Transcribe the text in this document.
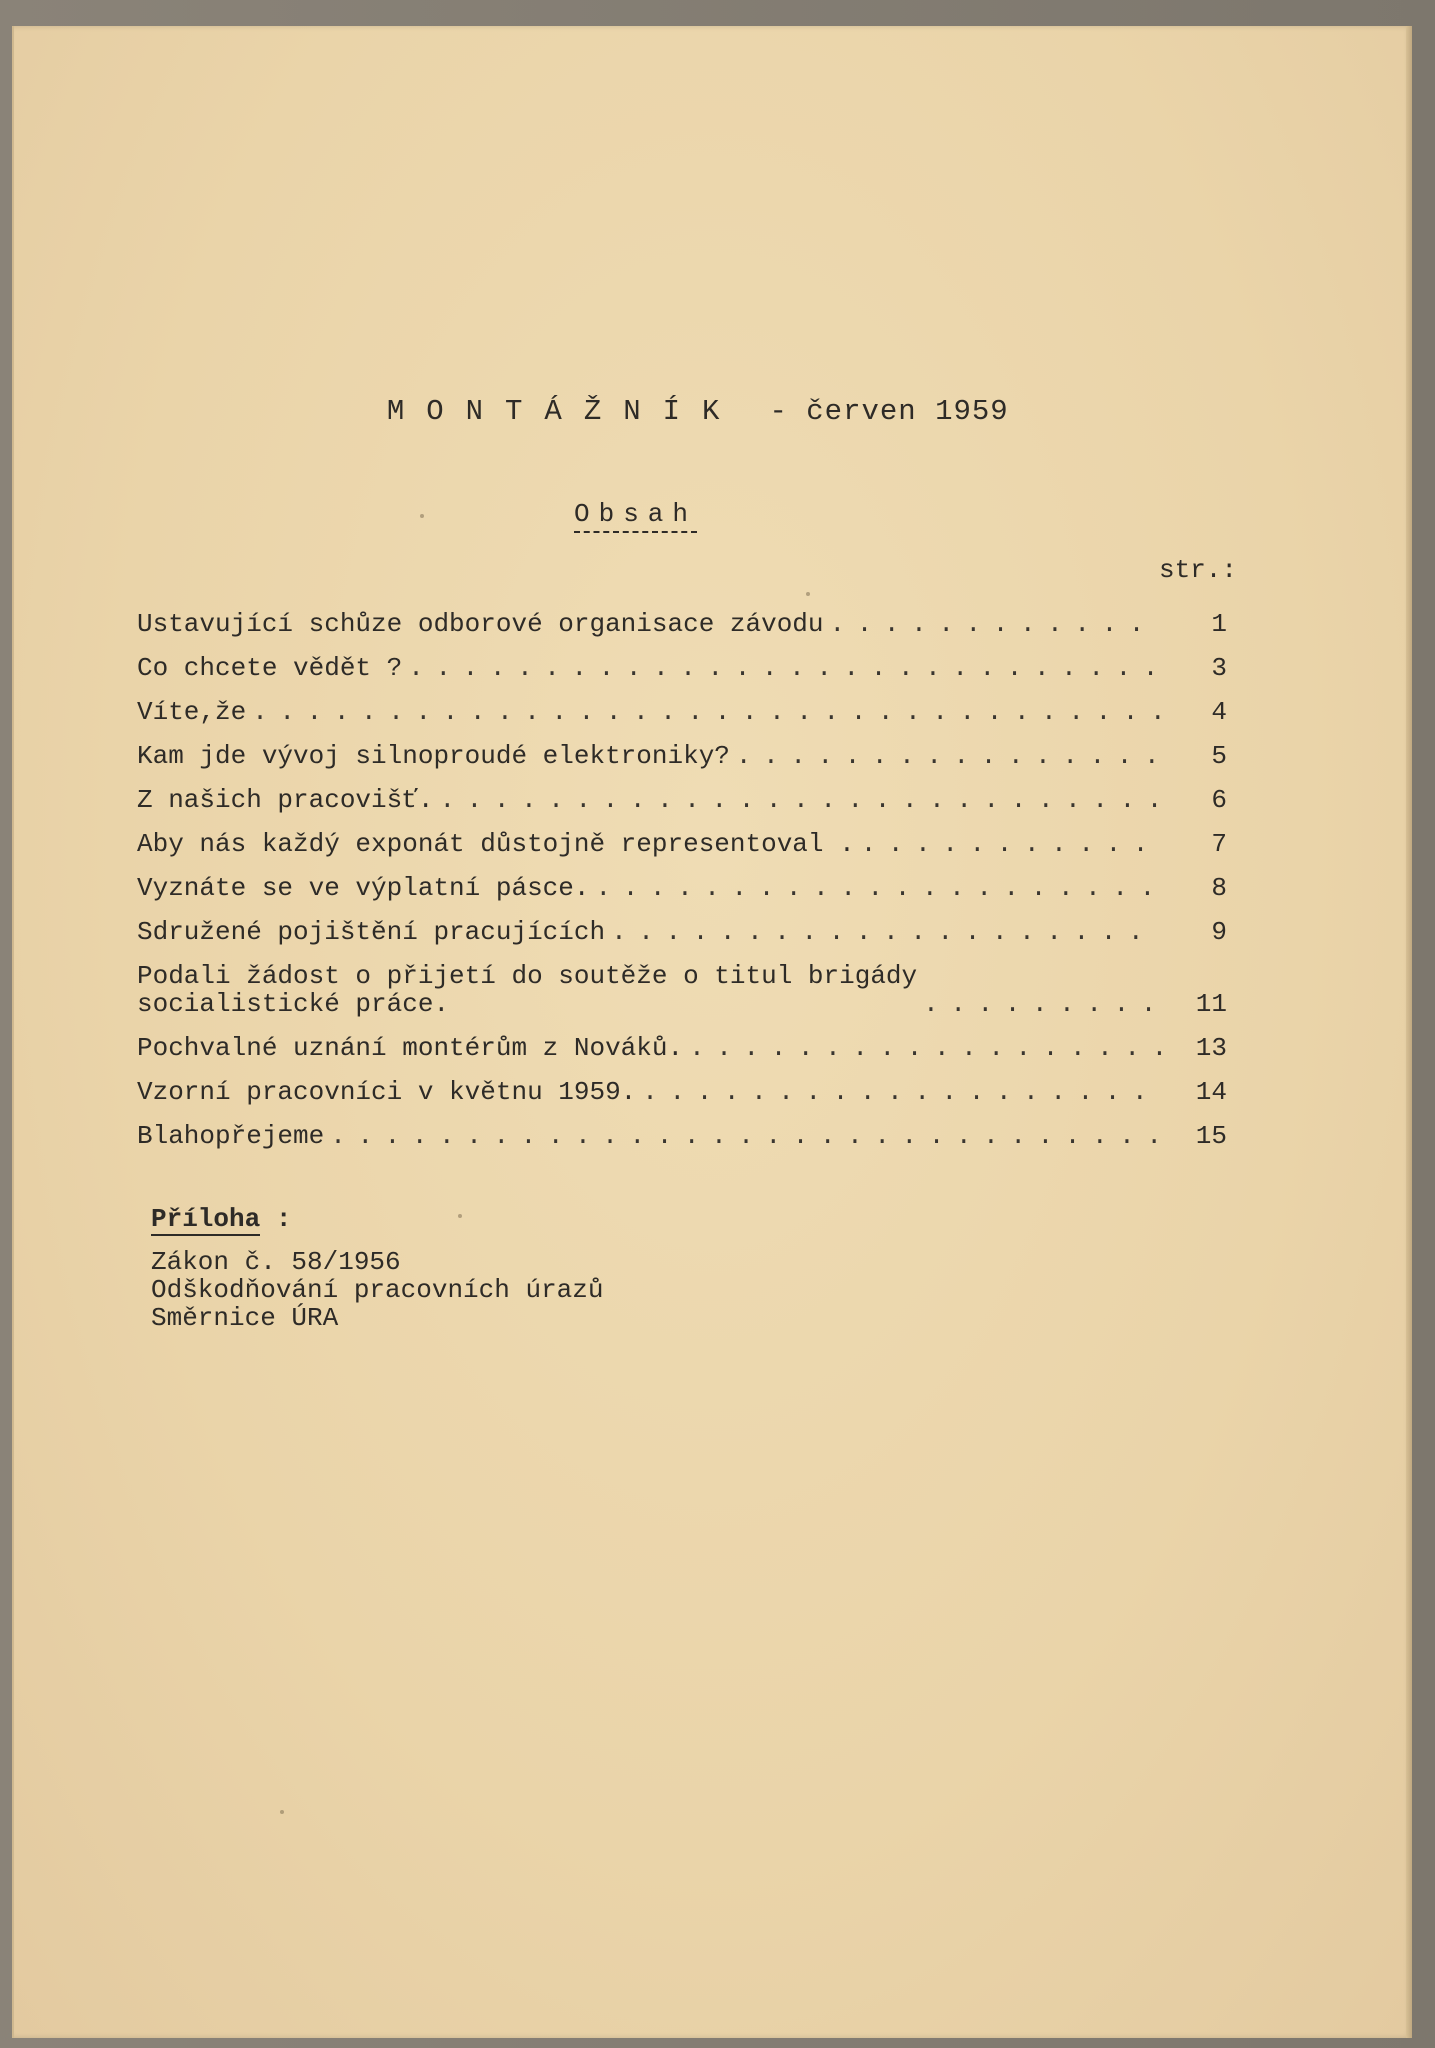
MONTÁŽNÍK - červen 1959

Obsah
str.:
Ustavující schůze odborové organisace závodu . . .	1
Co chcete vědět ? . . .	3
Víte,že . . .	4
Kam jde vývoj silnoproudé elektroniky? . . .	5
Z našich pracovišť. . . .	6
Aby nás každý exponát důstojně representoval . . . .	7
Vyznáte se ve výplatní pásce. . . .	8
Sdružené pojištění pracujících . . .	9
Podali žádost o přijetí do soutěže o titul brigády
socialistické práce. . . .	11
Pochvalné uznání montérům z Nováků. . . .	13
Vzorní pracovníci v květnu 1959. . . .	14
Blahopřejeme . . .	15
Příloha :
Zákon č. 58/1956
Odškodňování pracovních úrazů
Směrnice ÚRA
